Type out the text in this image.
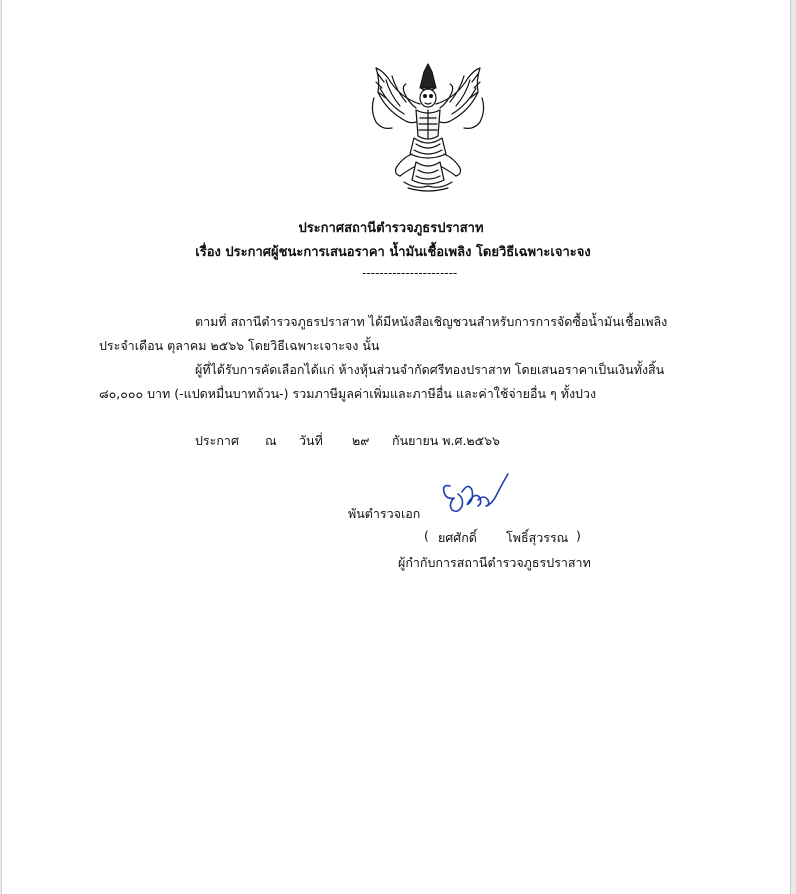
ประกาศสถานีตำรวจภูธรปราสาท
เรื่อง ประกาศผู้ชนะการเสนอราคา น้ำมันเชื้อเพลิง โดยวิธีเฉพาะเจาะจง
----------------------
ตามที่ สถานีตำรวจภูธรปราสาท ได้มีหนังสือเชิญชวนสำหรับการการจัดซื้อน้ำมันเชื้อเพลิง
ประจำเดือน ตุลาคม ๒๕๖๖ โดยวิธีเฉพาะเจาะจง นั้น
ผู้ที่ได้รับการคัดเลือกได้แก่ ห้างหุ้นส่วนจำกัดศรีทองปราสาท โดยเสนอราคาเป็นเงินทั้งสิ้น
๘๐,๐๐๐ บาท (-แปดหมื่นบาทถ้วน-) รวมภาษีมูลค่าเพิ่มและภาษีอื่น และค่าใช้จ่ายอื่น ๆ ทั้งปวง
ประกาศ ณ วันที่ ๒๙ กันยายน พ.ศ.๒๕๖๖
พันตำรวจเอก
( ยศศักดิ์ โพธิ์สุวรรณ )
ผู้กำกับการสถานีตำรวจภูธรปราสาท
